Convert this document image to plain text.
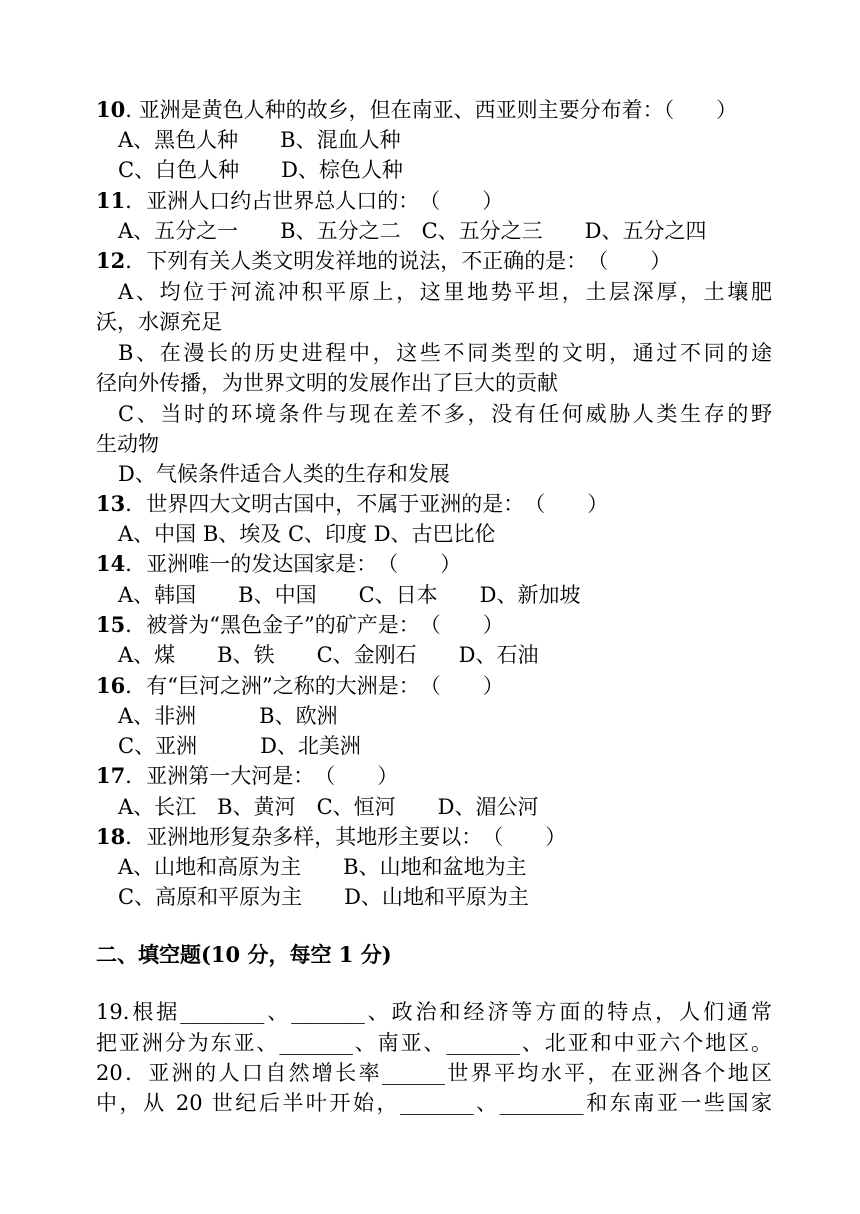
10. 亚洲是黄色人种的故乡，但在南亚、西亚则主要分布着：（　　）
A、黑色人种　　B、混血人种
C、白色人种　　D、棕色人种
11．亚洲人口约占世界总人口的：　（　　）
A、五分之一　　B、五分之二　C、五分之三　　D、五分之四
12．下列有关人类文明发祥地的说法，不正确的是：　（　　）
A、均位于河流冲积平原上，这里地势平坦，土层深厚，土壤肥
沃，水源充足
B、在漫长的历史进程中，这些不同类型的文明，通过不同的途
径向外传播，为世界文明的发展作出了巨大的贡献
C、当时的环境条件与现在差不多，没有任何威胁人类生存的野
生动物
D、气候条件适合人类的生存和发展
13．世界四大文明古国中，不属于亚洲的是：　（　　）
A、中国 B、埃及 C、印度 D、古巴比伦
14．亚洲唯一的发达国家是：　（　　）
A、韩国　　B、中国　　C、日本　　D、新加坡
15．被誉为“黑色金子”的矿产是：　（　　）
A、煤　　B、铁　　C、金刚石　　D、石油
16．有“巨河之洲”之称的大洲是：　（　　）
A、非洲　　　B、欧洲
C、亚洲　　　D、北美洲
17．亚洲第一大河是：　（　　）
A、长江　B、黄河　C、恒河　　D、湄公河
18．亚洲地形复杂多样，其地形主要以：　（　　）
A、山地和高原为主　　B、山地和盆地为主
C、高原和平原为主　　D、山地和平原为主
二、填空题(10 分，每空 1 分)
19.根据________、_______、政治和经济等方面的特点，人们通常
把亚洲分为东亚、_______、南亚、_______、北亚和中亚六个地区。
20．亚洲的人口自然增长率______世界平均水平，在亚洲各个地区
中，从 20 世纪后半叶开始，_______、________和东南亚一些国家
